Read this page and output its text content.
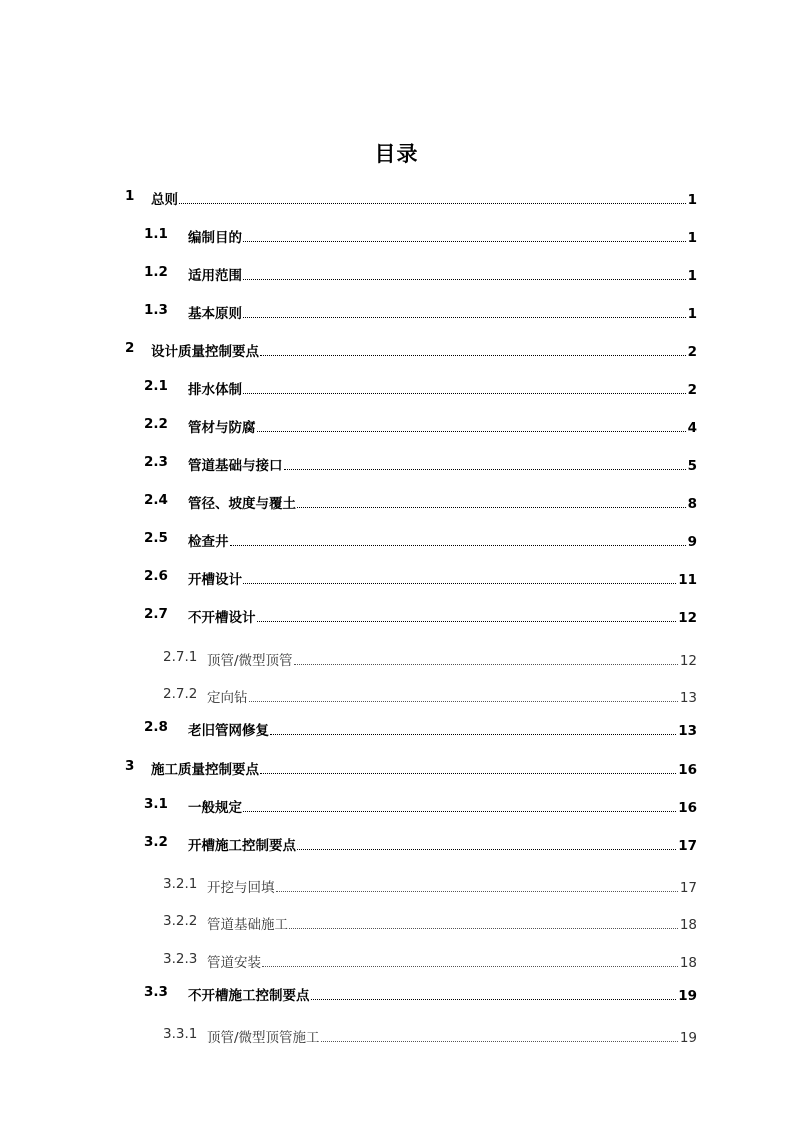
目录
1 总则	1
1.1 编制目的	1
1.2 适用范围	1
1.3 基本原则	1
2 设计质量控制要点	2
2.1 排水体制	2
2.2 管材与防腐	4
2.3 管道基础与接口	5
2.4 管径、坡度与覆土	8
2.5 检查井	9
2.6 开槽设计	11
2.7 不开槽设计	12
2.7.1 顶管/微型顶管	12
2.7.2 定向钻	13
2.8 老旧管网修复	13
3 施工质量控制要点	16
3.1 一般规定	16
3.2 开槽施工控制要点	17
3.2.1 开挖与回填	17
3.2.2 管道基础施工	18
3.2.3 管道安装	18
3.3 不开槽施工控制要点	19
3.3.1 顶管/微型顶管施工	19
